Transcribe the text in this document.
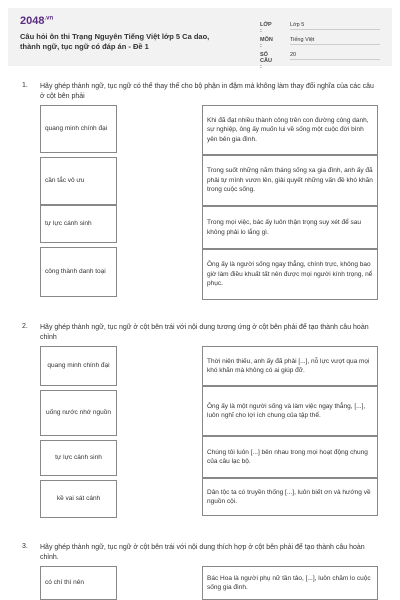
$2048^{.vn}$
Câu hỏi ôn thi Trạng Nguyên Tiếng Việt lớp 5 Ca dao, thành ngữ, tục ngữ có đáp án - Đề 1
LỚP :
Lớp 5
MÔN :
Tiếng Việt
SỐ CÂU :
20
1. Hãy ghép thành ngữ, tục ngữ có thể thay thế cho bộ phận in đậm mà không làm thay đổi nghĩa của các câu ở cột bên phải
quang minh chính đại
cần tắc vô ưu
tự lực cánh sinh
công thành danh toại
Khi đã đạt nhiều thành công trên con đường công danh, sự nghiệp, ông ấy muốn lui về sống một cuộc đời bình yên bên gia đình.
Trong suốt những năm tháng sống xa gia đình, anh ấy đã phải tự mình vươn lên, giải quyết những vấn đề khó khăn trong cuộc sống.
Trong mọi việc, bác ấy luôn thận trọng suy xét để sau không phải lo lắng gì.
Ông ấy là người sống ngay thẳng, chính trực, không bao giờ làm điều khuất tất nên được mọi người kính trọng, nể phục.
2. Hãy ghép thành ngữ, tục ngữ ở cột bên trái với nội dung tương ứng ở cột bên phải để tạo thành câu hoàn chỉnh
quang minh chính đại
uống nước nhớ nguồn
tự lực cánh sinh
kề vai sát cánh
Thời niên thiếu, anh ấy đã phải [...], nỗ lực vượt qua mọi khó khăn mà không có ai giúp đỡ.
Ông ấy là một người sống và làm việc ngay thẳng, [...], luôn nghĩ cho lợi ích chung của tập thể.
Chúng tôi luôn [...] bên nhau trong mọi hoạt động chung của câu lạc bộ.
Dân tộc ta có truyền thống [...], luôn biết ơn và hướng về nguồn cội.
3. Hãy ghép thành ngữ, tục ngữ ở cột bên trái với nội dung thích hợp ở cột bên phải để tạo thành câu hoàn chỉnh.
có chí thì nên
Bác Hoa là người phụ nữ tần tảo, [...], luôn chăm lo cuộc sống gia đình.
